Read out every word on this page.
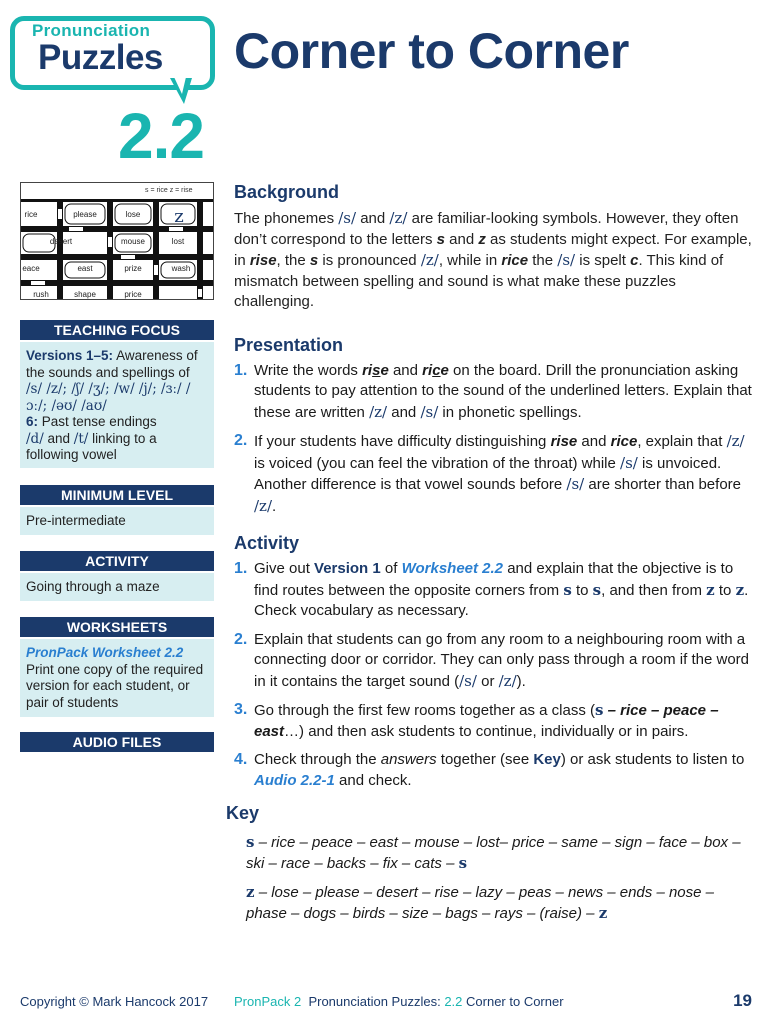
Pronunciation
Puzzles
2.2
Corner to Corner
s = rice z = rise
rice	please	lose
desert	mouse	lost
eace	east	prize	wash
rush	shape	price
z
TEACHING FOCUS
Versions 1–5: Awareness of the sounds and spellings of
/s/ /z/; /ʃ/ /ʒ/; /w/ /j/; /ɜː/ /ɔː/; /əʊ/ /aʊ/
6: Past tense endings
/d/ and /t/ linking to a following vowel
MINIMUM LEVEL
Pre-intermediate
ACTIVITY
Going through a maze
WORKSHEETS
PronPack Worksheet 2.2
Print one copy of the required version for each student, or pair of students
AUDIO FILES
Background

The phonemes /s/ and /z/ are familiar-looking symbols. However, they often don’t correspond to the letters s and z as students might expect. For example, in rise, the s is pronounced /z/, while in rice the /s/ is spelt c. This kind of mismatch between spelling and sound is what make these puzzles challenging.

Presentation
1. Write the words rise and rice on the board. Drill the pronunciation asking students to pay attention to the sound of the underlined letters. Explain that these are written /z/ and /s/ in phonetic spellings.
2. If your students have difficulty distinguishing rise and rice, explain that /z/ is voiced (you can feel the vibration of the throat) while /s/ is unvoiced. Another difference is that vowel sounds before /s/ are shorter than before /z/.
Activity
1. Give out Version 1 of Worksheet 2.2 and explain that the objective is to find routes between the opposite corners from s to s, and then from z to z. Check vocabulary as necessary.
2. Explain that students can go from any room to a neighbouring room with a connecting door or corridor. They can only pass through a room if the word in it contains the target sound (/s/ or /z/).
3. Go through the first few rooms together as a class (s – rice – peace – east…) and then ask students to continue, individually or in pairs.
4. Check through the answers together (see Key) or ask students to listen to Audio 2.2-1 and check.
Key

s – rice – peace – east – mouse – lost– price – same – sign – face – box – ski – race – backs – fix – cats – s

z – lose – please – desert – rise – lazy – peas – news – ends – nose – phase – dogs – birds – size – bags – rays – (raise) – z

Copyright © Mark Hancock 2017 PronPack 2 Pronunciation Puzzles: 2.2 Corner to Corner	19
